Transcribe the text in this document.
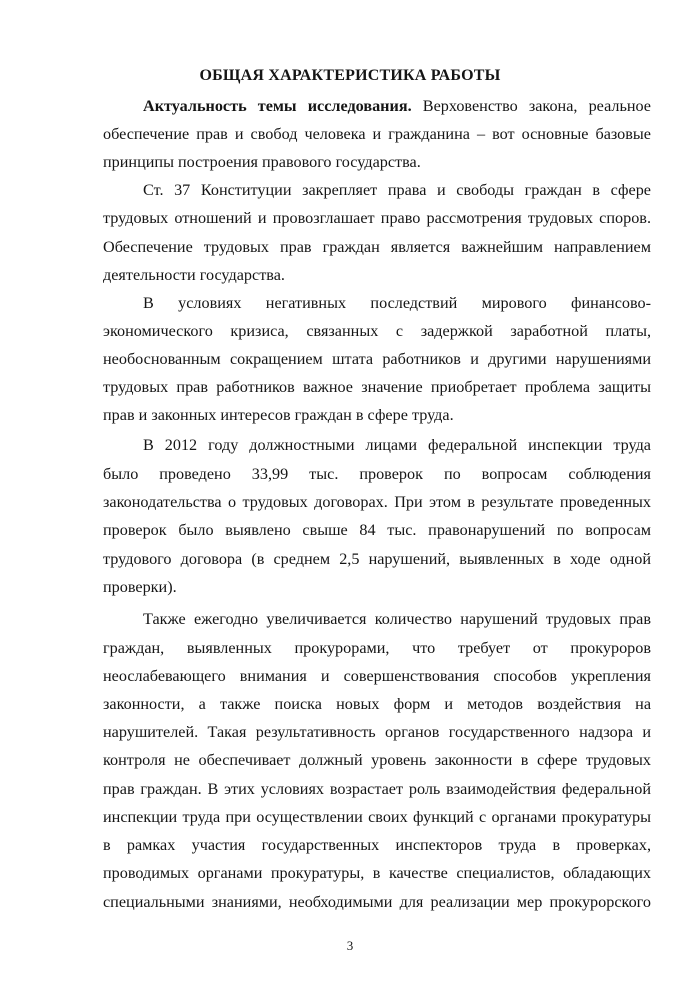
ОБЩАЯ ХАРАКТЕРИСТИКА РАБОТЫ
Актуальность темы исследования. Верховенство закона, реальное
обеспечение прав и свобод человека и гражданина – вот основные базовые
принципы построения правового государства.
Ст. 37 Конституции закрепляет права и свободы граждан в сфере
трудовых отношений и провозглашает право рассмотрения трудовых споров.
Обеспечение трудовых прав граждан является важнейшим направлением
деятельности государства.
В условиях негативных последствий мирового финансово-
экономического кризиса, связанных с задержкой заработной платы,
необоснованным сокращением штата работников и другими нарушениями
трудовых прав работников важное значение приобретает проблема защиты
прав и законных интересов граждан в сфере труда.
В 2012 году должностными лицами федеральной инспекции труда
было проведено 33,99 тыс. проверок по вопросам соблюдения
законодательства о трудовых договорах. При этом в результате проведенных
проверок было выявлено свыше 84 тыс. правонарушений по вопросам
трудового договора (в среднем 2,5 нарушений, выявленных в ходе одной
проверки).
Также ежегодно увеличивается количество нарушений трудовых прав
граждан, выявленных прокурорами, что требует от прокуроров
неослабевающего внимания и совершенствования способов укрепления
законности, а также поиска новых форм и методов воздействия на
нарушителей. Такая результативность органов государственного надзора и
контроля не обеспечивает должный уровень законности в сфере трудовых
прав граждан. В этих условиях возрастает роль взаимодействия федеральной
инспекции труда при осуществлении своих функций с органами прокуратуры
в рамках участия государственных инспекторов труда в проверках,
проводимых органами прокуратуры, в качестве специалистов, обладающих
специальными знаниями, необходимыми для реализации мер прокурорского
3
